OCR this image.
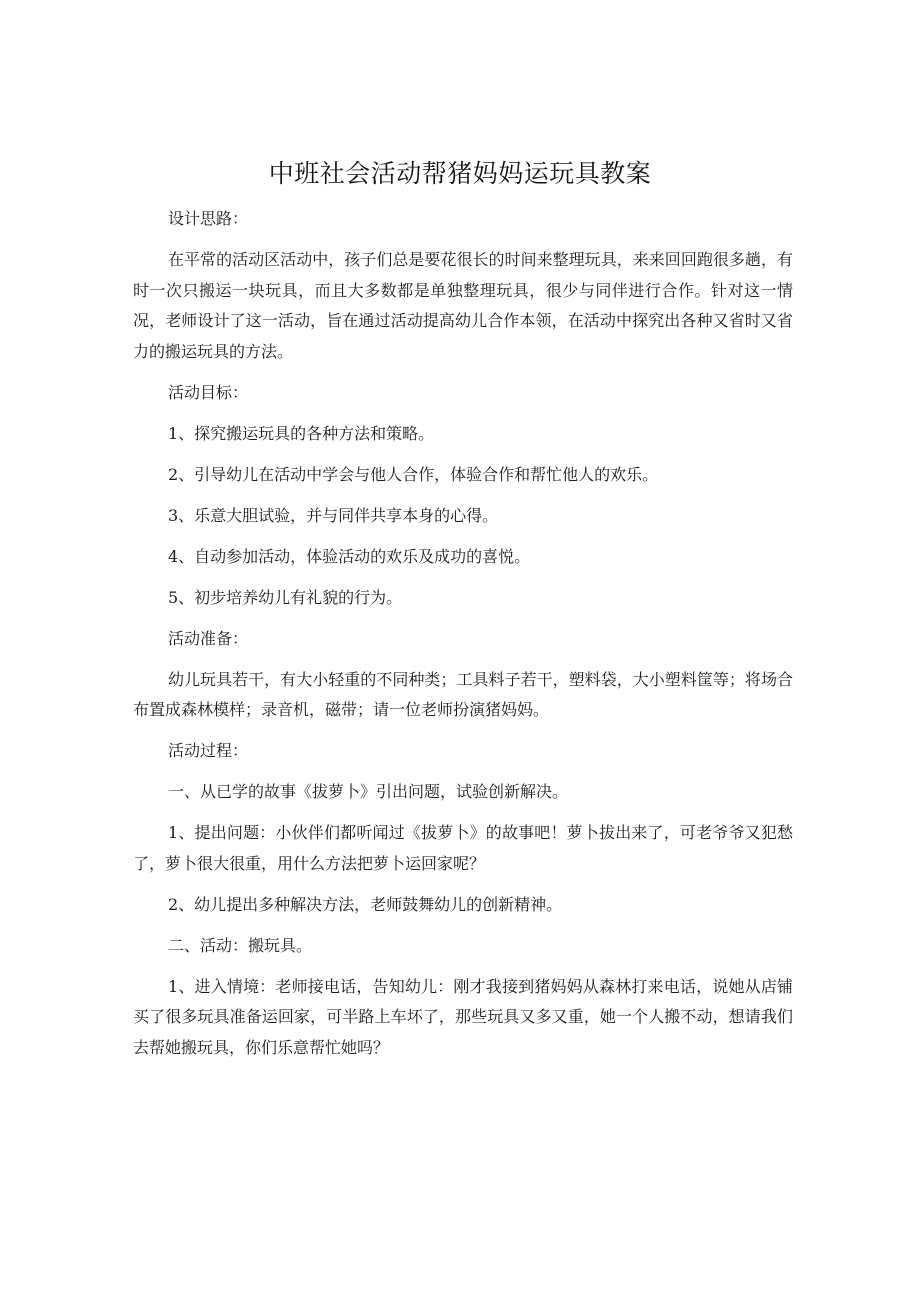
中班社会活动帮猪妈妈运玩具教案

设计思路：

在平常的活动区活动中，孩子们总是要花很长的时间来整理玩具，来来回回跑很多趟，有时一次只搬运一块玩具，而且大多数都是单独整理玩具，很少与同伴进行合作。针对这一情况，老师设计了这一活动，旨在通过活动提高幼儿合作本领，在活动中探究出各种又省时又省力的搬运玩具的方法。

活动目标：

1、探究搬运玩具的各种方法和策略。

2、引导幼儿在活动中学会与他人合作，体验合作和帮忙他人的欢乐。

3、乐意大胆试验，并与同伴共享本身的心得。

4、自动参加活动，体验活动的欢乐及成功的喜悦。

5、初步培养幼儿有礼貌的行为。

活动准备：

幼儿玩具若干，有大小轻重的不同种类；工具料子若干，塑料袋，大小塑料筐等；将场合布置成森林模样；录音机，磁带；请一位老师扮演猪妈妈。

活动过程：

一、从已学的故事《拔萝卜》引出问题，试验创新解决。

1、提出问题：小伙伴们都听闻过《拔萝卜》的故事吧！萝卜拔出来了，可老爷爷又犯愁了，萝卜很大很重，用什么方法把萝卜运回家呢？

2、幼儿提出多种解决方法，老师鼓舞幼儿的创新精神。

二、活动：搬玩具。

1、进入情境：老师接电话，告知幼儿：刚才我接到猪妈妈从森林打来电话，说她从店铺买了很多玩具准备运回家，可半路上车坏了，那些玩具又多又重，她一个人搬不动，想请我们去帮她搬玩具，你们乐意帮忙她吗？
